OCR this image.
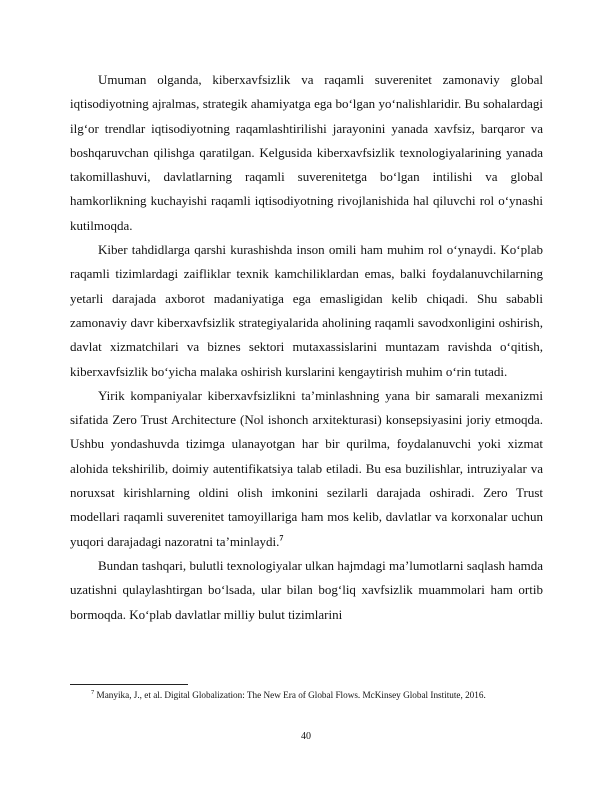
Umuman olganda, kiberxavfsizlik va raqamli suverenitet zamonaviy global iqtisodiyotning ajralmas, strategik ahamiyatga ega bo‘lgan yo‘nalishlaridir. Bu sohalardagi ilg‘or trendlar iqtisodiyotning raqamlashtirilishi jarayonini yanada xavfsiz, barqaror va boshqaruvchan qilishga qaratilgan. Kelgusida kiberxavfsizlik texnologiyalarining yanada takomillashuvi, davlatlarning raqamli suverenitetga bo‘lgan intilishi va global hamkorlikning kuchayishi raqamli iqtisodiyotning rivojlanishida hal qiluvchi rol o‘ynashi kutilmoqda.

Kiber tahdidlarga qarshi kurashishda inson omili ham muhim rol o‘ynaydi. Ko‘plab raqamli tizimlardagi zaifliklar texnik kamchiliklardan emas, balki foydalanuvchilarning yetarli darajada axborot madaniyatiga ega emasligidan kelib chiqadi. Shu sababli zamonaviy davr kiberxavfsizlik strategiyalarida aholining raqamli savodxonligini oshirish, davlat xizmatchilari va biznes sektori mutaxassislarini muntazam ravishda o‘qitish, kiberxavfsizlik bo‘yicha malaka oshirish kurslarini kengaytirish muhim o‘rin tutadi.

Yirik kompaniyalar kiberxavfsizlikni ta’minlashning yana bir samarali mexanizmi sifatida Zero Trust Architecture (Nol ishonch arxitekturasi) konsepsiyasini joriy etmoqda. Ushbu yondashuvda tizimga ulanayotgan har bir qurilma, foydalanuvchi yoki xizmat alohida tekshirilib, doimiy autentifikatsiya talab etiladi. Bu esa buzilishlar, intruziyalar va noruxsat kirishlarning oldini olish imkonini sezilarli darajada oshiradi. Zero Trust modellari raqamli suverenitet tamoyillariga ham mos kelib, davlatlar va korxonalar uchun yuqori darajadagi nazoratni ta’minlaydi.$^7$

Bundan tashqari, bulutli texnologiyalar ulkan hajmdagi ma’lumotlarni saqlash hamda uzatishni qulaylashtirgan bo‘lsada, ular bilan bog‘liq xavfsizlik muammolari ham ortib bormoqda. Ko‘plab davlatlar milliy bulut tizimlarini

$^7$ Manyika, J., et al. Digital Globalization: The New Era of Global Flows. McKinsey Global Institute, 2016.
40
